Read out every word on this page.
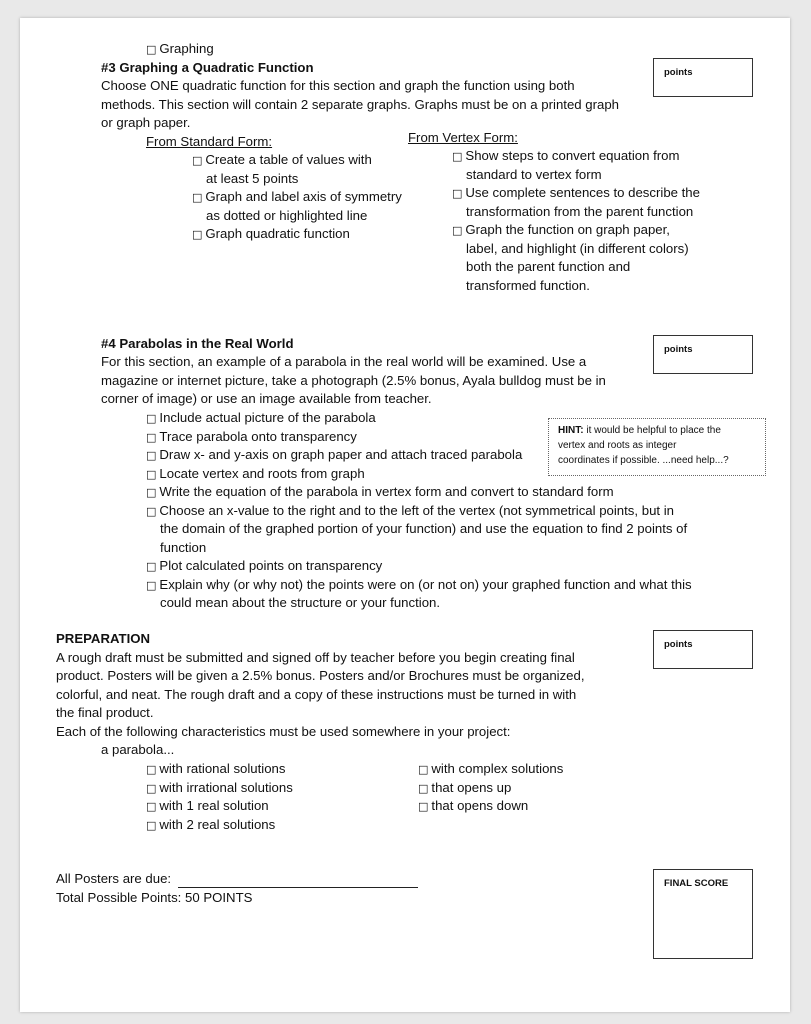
□ Graphing
#3 Graphing a Quadratic Function
Choose ONE quadratic function for this section and graph the function using both
methods. This section will contain 2 separate graphs. Graphs must be on a printed graph
or graph paper.
points
From Standard Form:	From Vertex Form:
□ Create a table of values with
at least 5 points
□ Graph and label axis of symmetry
as dotted or highlighted line
□ Graph quadratic function
□ Show steps to convert equation from
standard to vertex form
□ Use complete sentences to describe the
transformation from the parent function
□ Graph the function on graph paper,
label, and highlight (in different colors)
both the parent function and
transformed function.
#4 Parabolas in the Real World
For this section, an example of a parabola in the real world will be examined. Use a
magazine or internet picture, take a photograph (2.5% bonus, Ayala bulldog must be in
corner of image) or use an image available from teacher.
points
□ Include actual picture of the parabola
□ Trace parabola onto transparency
□ Draw x- and y-axis on graph paper and attach traced parabola
□ Locate vertex and roots from graph
□ Write the equation of the parabola in vertex form and convert to standard form
□ Choose an x-value to the right and to the left of the vertex (not symmetrical points, but in
the domain of the graphed portion of your function) and use the equation to find 2 points of
function
□ Plot calculated points on transparency
□ Explain why (or why not) the points were on (or not on) your graphed function and what this
could mean about the structure or your function.
HINT: it would be helpful to place the
vertex and roots as integer
coordinates if possible. ...need help...?
PREPARATION
A rough draft must be submitted and signed off by teacher before you begin creating final
product. Posters will be given a 2.5% bonus. Posters and/or Brochures must be organized,
colorful, and neat. The rough draft and a copy of these instructions must be turned in with
the final product.
Each of the following characteristics must be used somewhere in your project:
a parabola...
points
□ with rational solutions
□ with irrational solutions
□ with 1 real solution
□ with 2 real solutions
□ with complex solutions
□ that opens up
□ that opens down
All Posters are due:
Total Possible Points: 50 POINTS
FINAL SCORE
